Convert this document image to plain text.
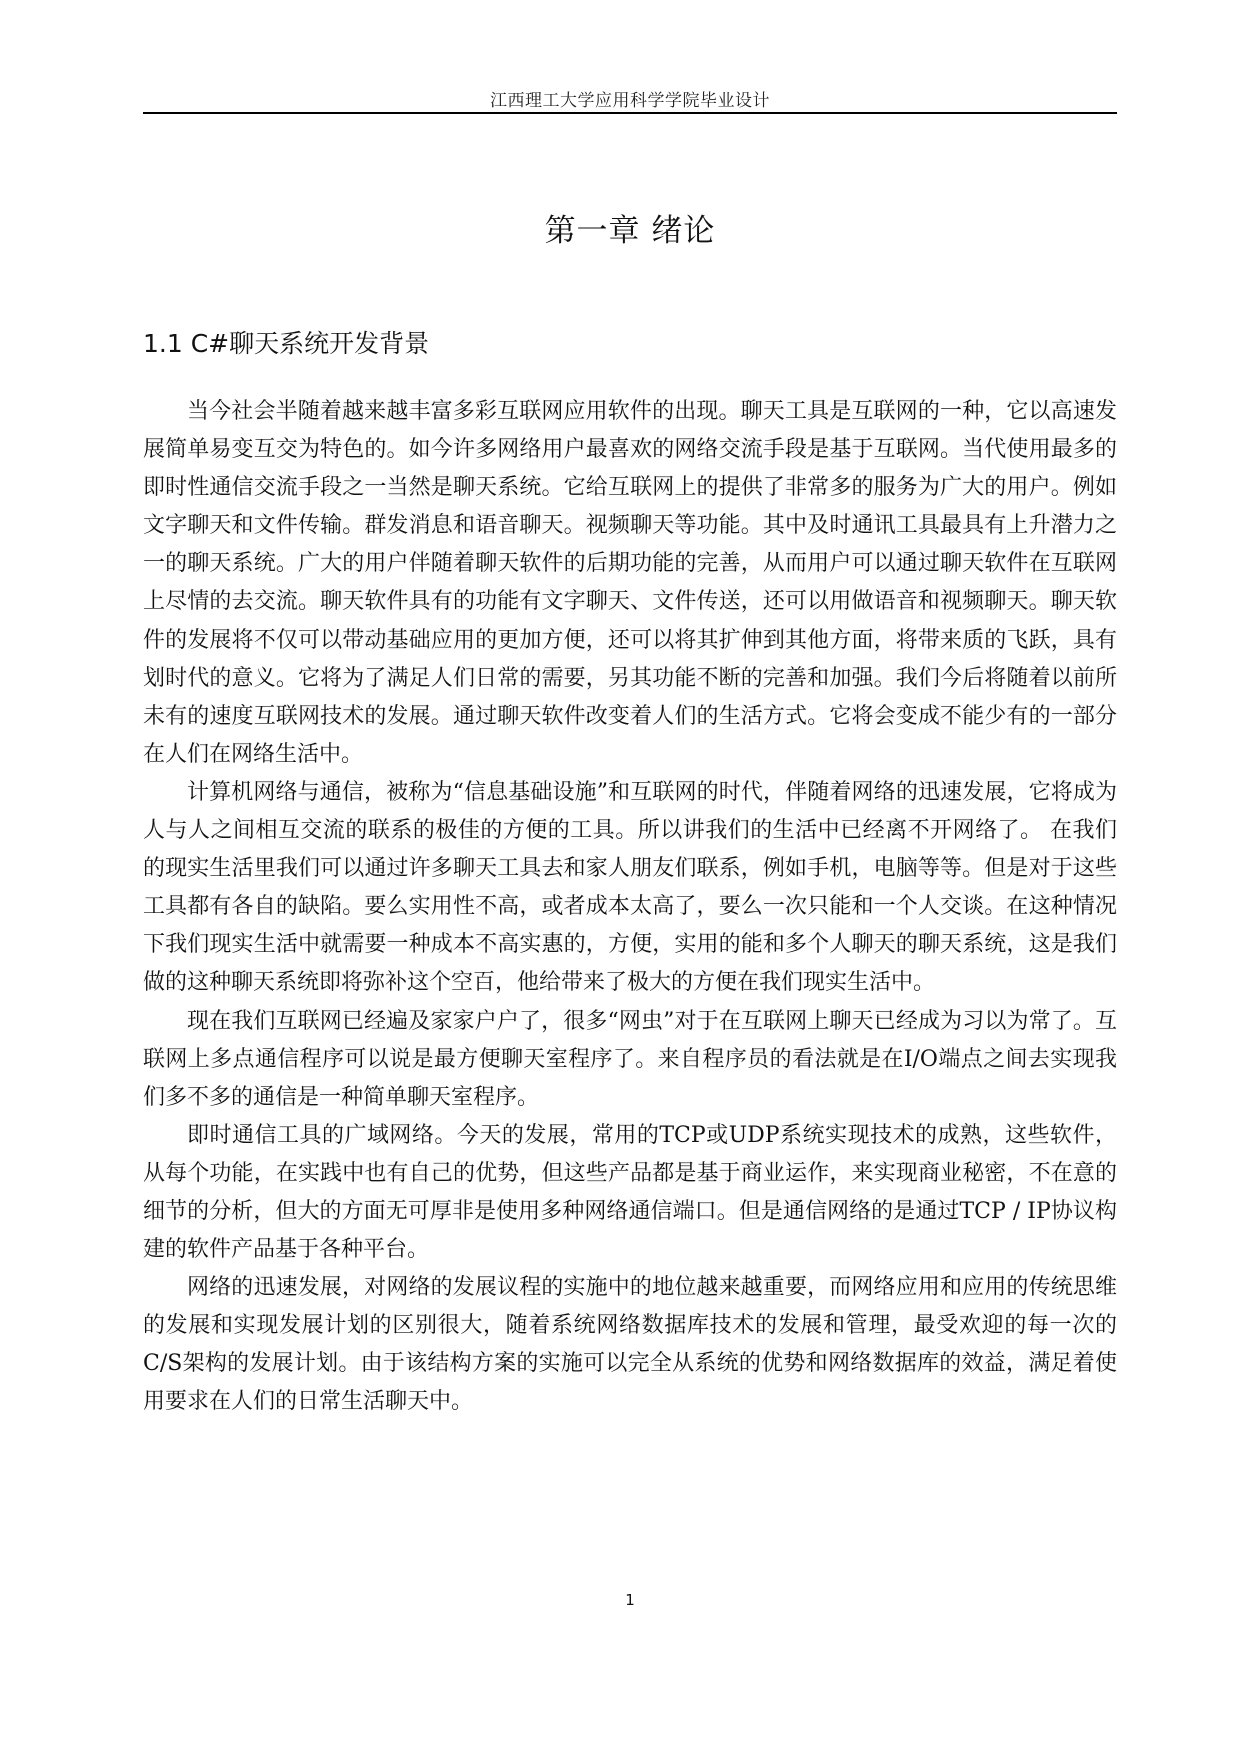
江西理工大学应用科学学院毕业设计
第一章 绪论
1.1 C#聊天系统开发背景

当今社会半随着越来越丰富多彩互联网应用软件的出现。聊天工具是互联网的一种，它以高速发展简单易变互交为特色的。如今许多网络用户最喜欢的网络交流手段是基于互联网。当代使用最多的即时性通信交流手段之一当然是聊天系统。它给互联网上的提供了非常多的服务为广大的用户。例如文字聊天和文件传输。群发消息和语音聊天。视频聊天等功能。其中及时通讯工具最具有上升潜力之一的聊天系统。广大的用户伴随着聊天软件的后期功能的完善，从而用户可以通过聊天软件在互联网上尽情的去交流。聊天软件具有的功能有文字聊天、文件传送，还可以用做语音和视频聊天。聊天软件的发展将不仅可以带动基础应用的更加方便，还可以将其扩伸到其他方面，将带来质的飞跃，具有划时代的意义。它将为了满足人们日常的需要，另其功能不断的完善和加强。我们今后将随着以前所未有的速度互联网技术的发展。通过聊天软件改变着人们的生活方式。它将会变成不能少有的一部分在人们在网络生活中。

计算机网络与通信，被称为“信息基础设施”和互联网的时代，伴随着网络的迅速发展，它将成为人与人之间相互交流的联系的极佳的方便的工具。所以讲我们的生活中已经离不开网络了。 在我们的现实生活里我们可以通过许多聊天工具去和家人朋友们联系，例如手机，电脑等等。但是对于这些工具都有各自的缺陷。要么实用性不高，或者成本太高了，要么一次只能和一个人交谈。在这种情况下我们现实生活中就需要一种成本不高实惠的，方便，实用的能和多个人聊天的聊天系统，这是我们做的这种聊天系统即将弥补这个空百，他给带来了极大的方便在我们现实生活中。

现在我们互联网已经遍及家家户户了，很多“网虫”对于在互联网上聊天已经成为习以为常了。互联网上多点通信程序可以说是最方便聊天室程序了。来自程序员的看法就是在I/O端点之间去实现我们多不多的通信是一种简单聊天室程序。

即时通信工具的广域网络。今天的发展，常用的TCP或UDP系统实现技术的成熟，这些软件，从每个功能，在实践中也有自己的优势，但这些产品都是基于商业运作，来实现商业秘密，不在意的细节的分析，但大的方面无可厚非是使用多种网络通信端口。但是通信网络的是通过TCP / IP协议构建的软件产品基于各种平台。

网络的迅速发展，对网络的发展议程的实施中的地位越来越重要，而网络应用和应用的传统思维的发展和实现发展计划的区别很大，随着系统网络数据库技术的发展和管理，最受欢迎的每一次的C/S架构的发展计划。由于该结构方案的实施可以完全从系统的优势和网络数据库的效益，满足着使用要求在人们的日常生活聊天中。

1
